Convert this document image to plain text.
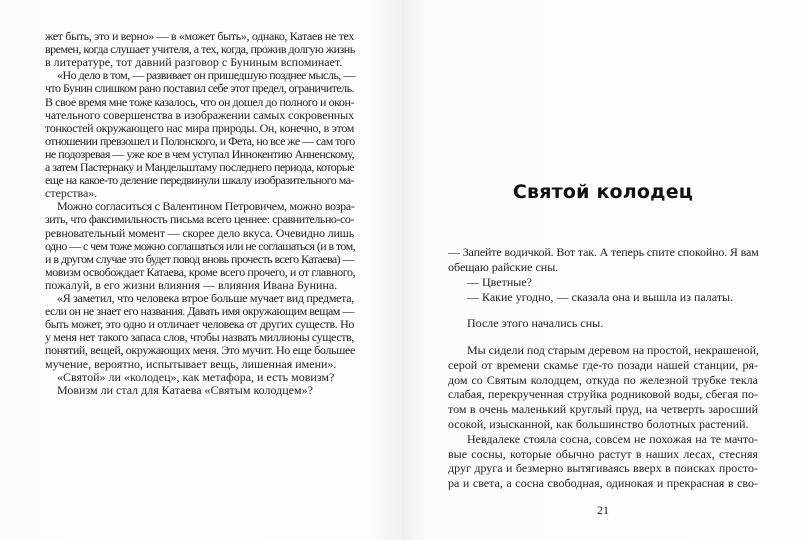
жет быть, это и верно» — в «может быть», однако, Катаев не тех
времен, когда слушает учителя, а тех, когда, прожив долгую жизнь
в литературе, тот давний разговор с Буниным вспоминает.
«Но дело в том, — развивает он пришедшую позднее мысль, —
что Бунин слишком рано поставил себе этот предел, ограничитель.
В свое время мне тоже казалось, что он дошел до полного и окон-
чательного совершенства в изображении самых сокровенных
тонкостей окружающего нас мира природы. Он, конечно, в этом
отношении превзошел и Полонского, и Фета, но все же — сам того
не подозревая — уже кое в чем уступал Иннокентию Анненскому,
а затем Пастернаку и Мандельштаму последнего периода, которые
еще на какое-то деление передвинули шкалу изобразительного ма-
стерства».
Можно согласиться с Валентином Петровичем, можно возра-
зить, что факсимильность письма всего ценнее: сравнительно-со-
ревновательный момент — скорее дело вкуса. Очевидно лишь
одно — с чем тоже можно соглашаться или не соглашаться (и в том,
и в другом случае это будет повод вновь прочесть всего Катаева) —
мовизм освобождает Катаева, кроме всего прочего, и от главного,
пожалуй, в его жизни влияния — влияния Ивана Бунина.
«Я заметил, что человека втрое больше мучает вид предмета,
если он не знает его названия. Давать имя окружающим вещам —
быть может, это одно и отличает человека от других существ. Но
у меня нет такого запаса слов, чтобы назвать миллионы существ,
понятий, вещей, окружающих меня. Это мучит. Но еще большее
мучение, вероятно, испытывает вещь, лишенная имени».
«Святой» ли «колодец», как метафора, и есть мовизм?
Мовизм ли стал для Катаева «Святым колодцем»?
Святой колодец
21
— Запейте водичкой. Вот так. А теперь спите спокойно. Я вам
обещаю райские сны.
— Цветные?
— Какие угодно, — сказала она и вышла из палаты.
После этого начались сны.
Мы сидели под старым деревом на простой, некрашеной,
серой от времени скамье где-то позади нашей станции, ря-
дом со Святым колодцем, откуда по железной трубке текла
слабая, перекрученная струйка родниковой воды, сбегая по-
том в очень маленький круглый пруд, на четверть заросший
осокой, изысканной, как большинство болотных растений.
Невдалеке стояла сосна, совсем не похожая на те мачто-
вые сосны, которые обычно растут в наших лесах, стесняя
друг друга и безмерно вытягиваясь вверх в поисках просто-
ра и света, а сосна свободная, одинокая и прекрасная в сво-
